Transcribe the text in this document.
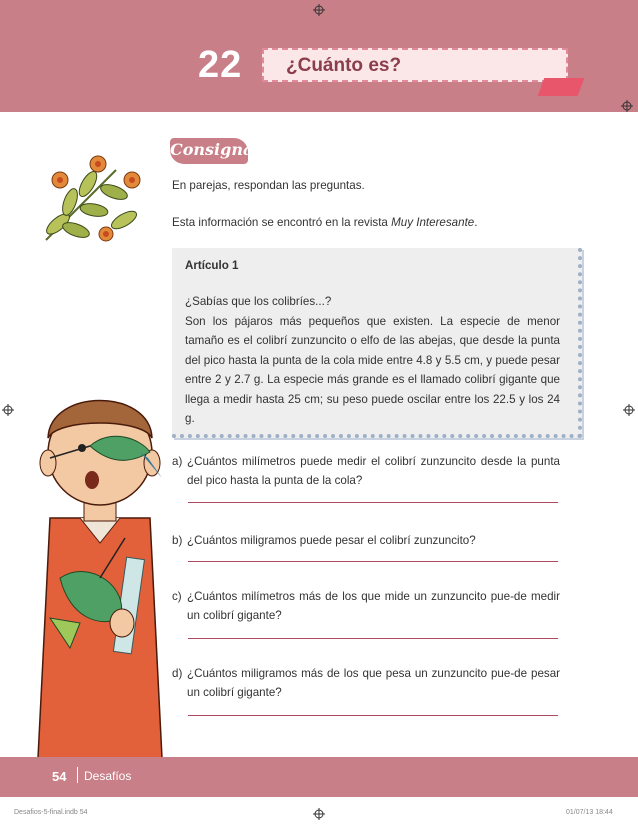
22 ¿Cuánto es?
Consigna
En parejas, respondan las preguntas.
Esta información se encontró en la revista Muy Interesante.
Artículo 1
¿Sabías que los colibríes...?
Son los pájaros más pequeños que existen. La especie de menor tamaño es el colibrí zunzuncito o elfo de las abejas, que desde la punta del pico hasta la punta de la cola mide entre 4.8 y 5.5 cm, y puede pesar entre 2 y 2.7 g. La especie más grande es el llamado colibrí gigante que llega a medir hasta 25 cm; su peso puede oscilar entre los 22.5 y los 24 g.
a) ¿Cuántos milímetros puede medir el colibrí zunzuncito desde la punta del pico hasta la punta de la cola?
b) ¿Cuántos miligramos puede pesar el colibrí zunzuncito?
c) ¿Cuántos milímetros más de los que mide un zunzuncito pue-de medir un colibrí gigante?
d) ¿Cuántos miligramos más de los que pesa un zunzuncito pue-de pesar un colibrí gigante?
54 Desafíos
Desafios-5-final.indb 54	01/07/13 18:44
